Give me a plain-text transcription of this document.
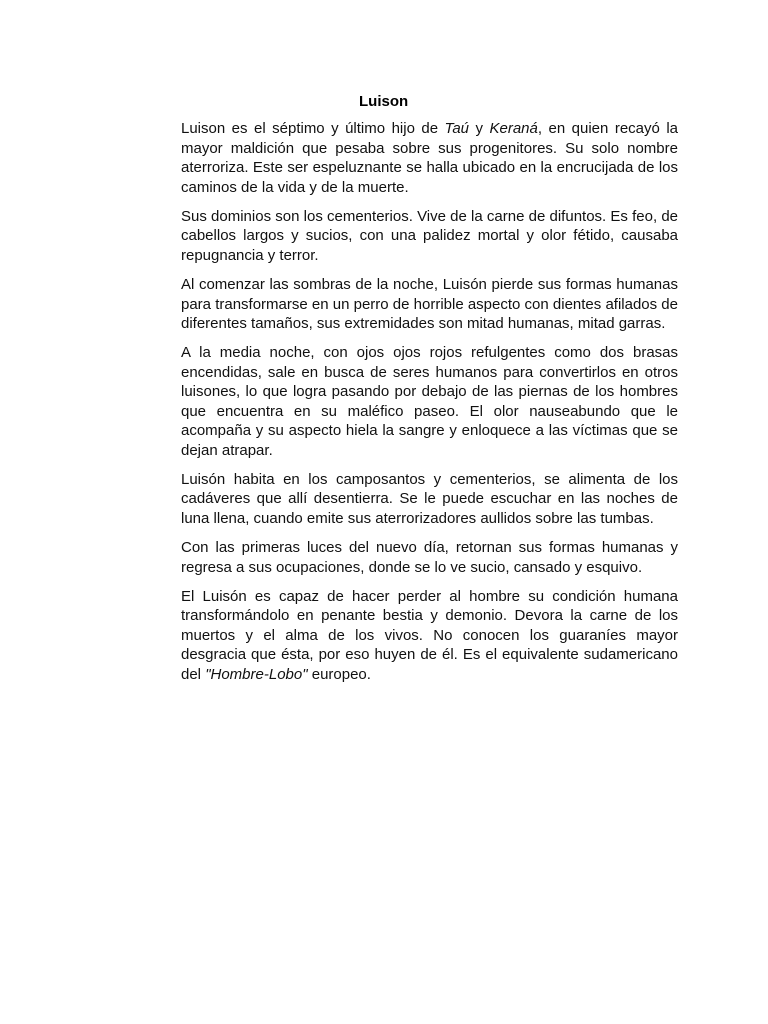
Luison

Luison es el séptimo y último hijo de Taú y Keraná, en quien recayó la mayor maldición que pesaba sobre sus progenitores. Su solo nombre aterroriza. Este ser espeluznante se halla ubicado en la encrucijada de los caminos de la vida y de la muerte.

Sus dominios son los cementerios. Vive de la carne de difuntos. Es feo, de cabellos largos y sucios, con una palidez mortal y olor fétido, causaba repugnancia y terror.

Al comenzar las sombras de la noche, Luisón pierde sus formas humanas para transformarse en un perro de horrible aspecto con dientes afilados de diferentes tamaños, sus extremidades son mitad humanas, mitad garras.

A la media noche, con ojos ojos rojos refulgentes como dos brasas encendidas, sale en busca de seres humanos para convertirlos en otros luisones, lo que logra pasando por debajo de las piernas de los hombres que encuentra en su maléfico paseo. El olor nauseabundo que le acompaña y su aspecto hiela la sangre y enloquece a las víctimas que se dejan atrapar.

Luisón habita en los camposantos y cementerios, se alimenta de los cadáveres que allí desentierra. Se le puede escuchar en las noches de luna llena, cuando emite sus aterrorizadores aullidos sobre las tumbas.

Con las primeras luces del nuevo día, retornan sus formas humanas y regresa a sus ocupaciones, donde se lo ve sucio, cansado y esquivo.

El Luisón es capaz de hacer perder al hombre su condición humana transformándolo en penante bestia y demonio. Devora la carne de los muertos y el alma de los vivos. No conocen los guaraníes mayor desgracia que ésta, por eso huyen de él. Es el equivalente sudamericano del "Hombre-Lobo" europeo.
